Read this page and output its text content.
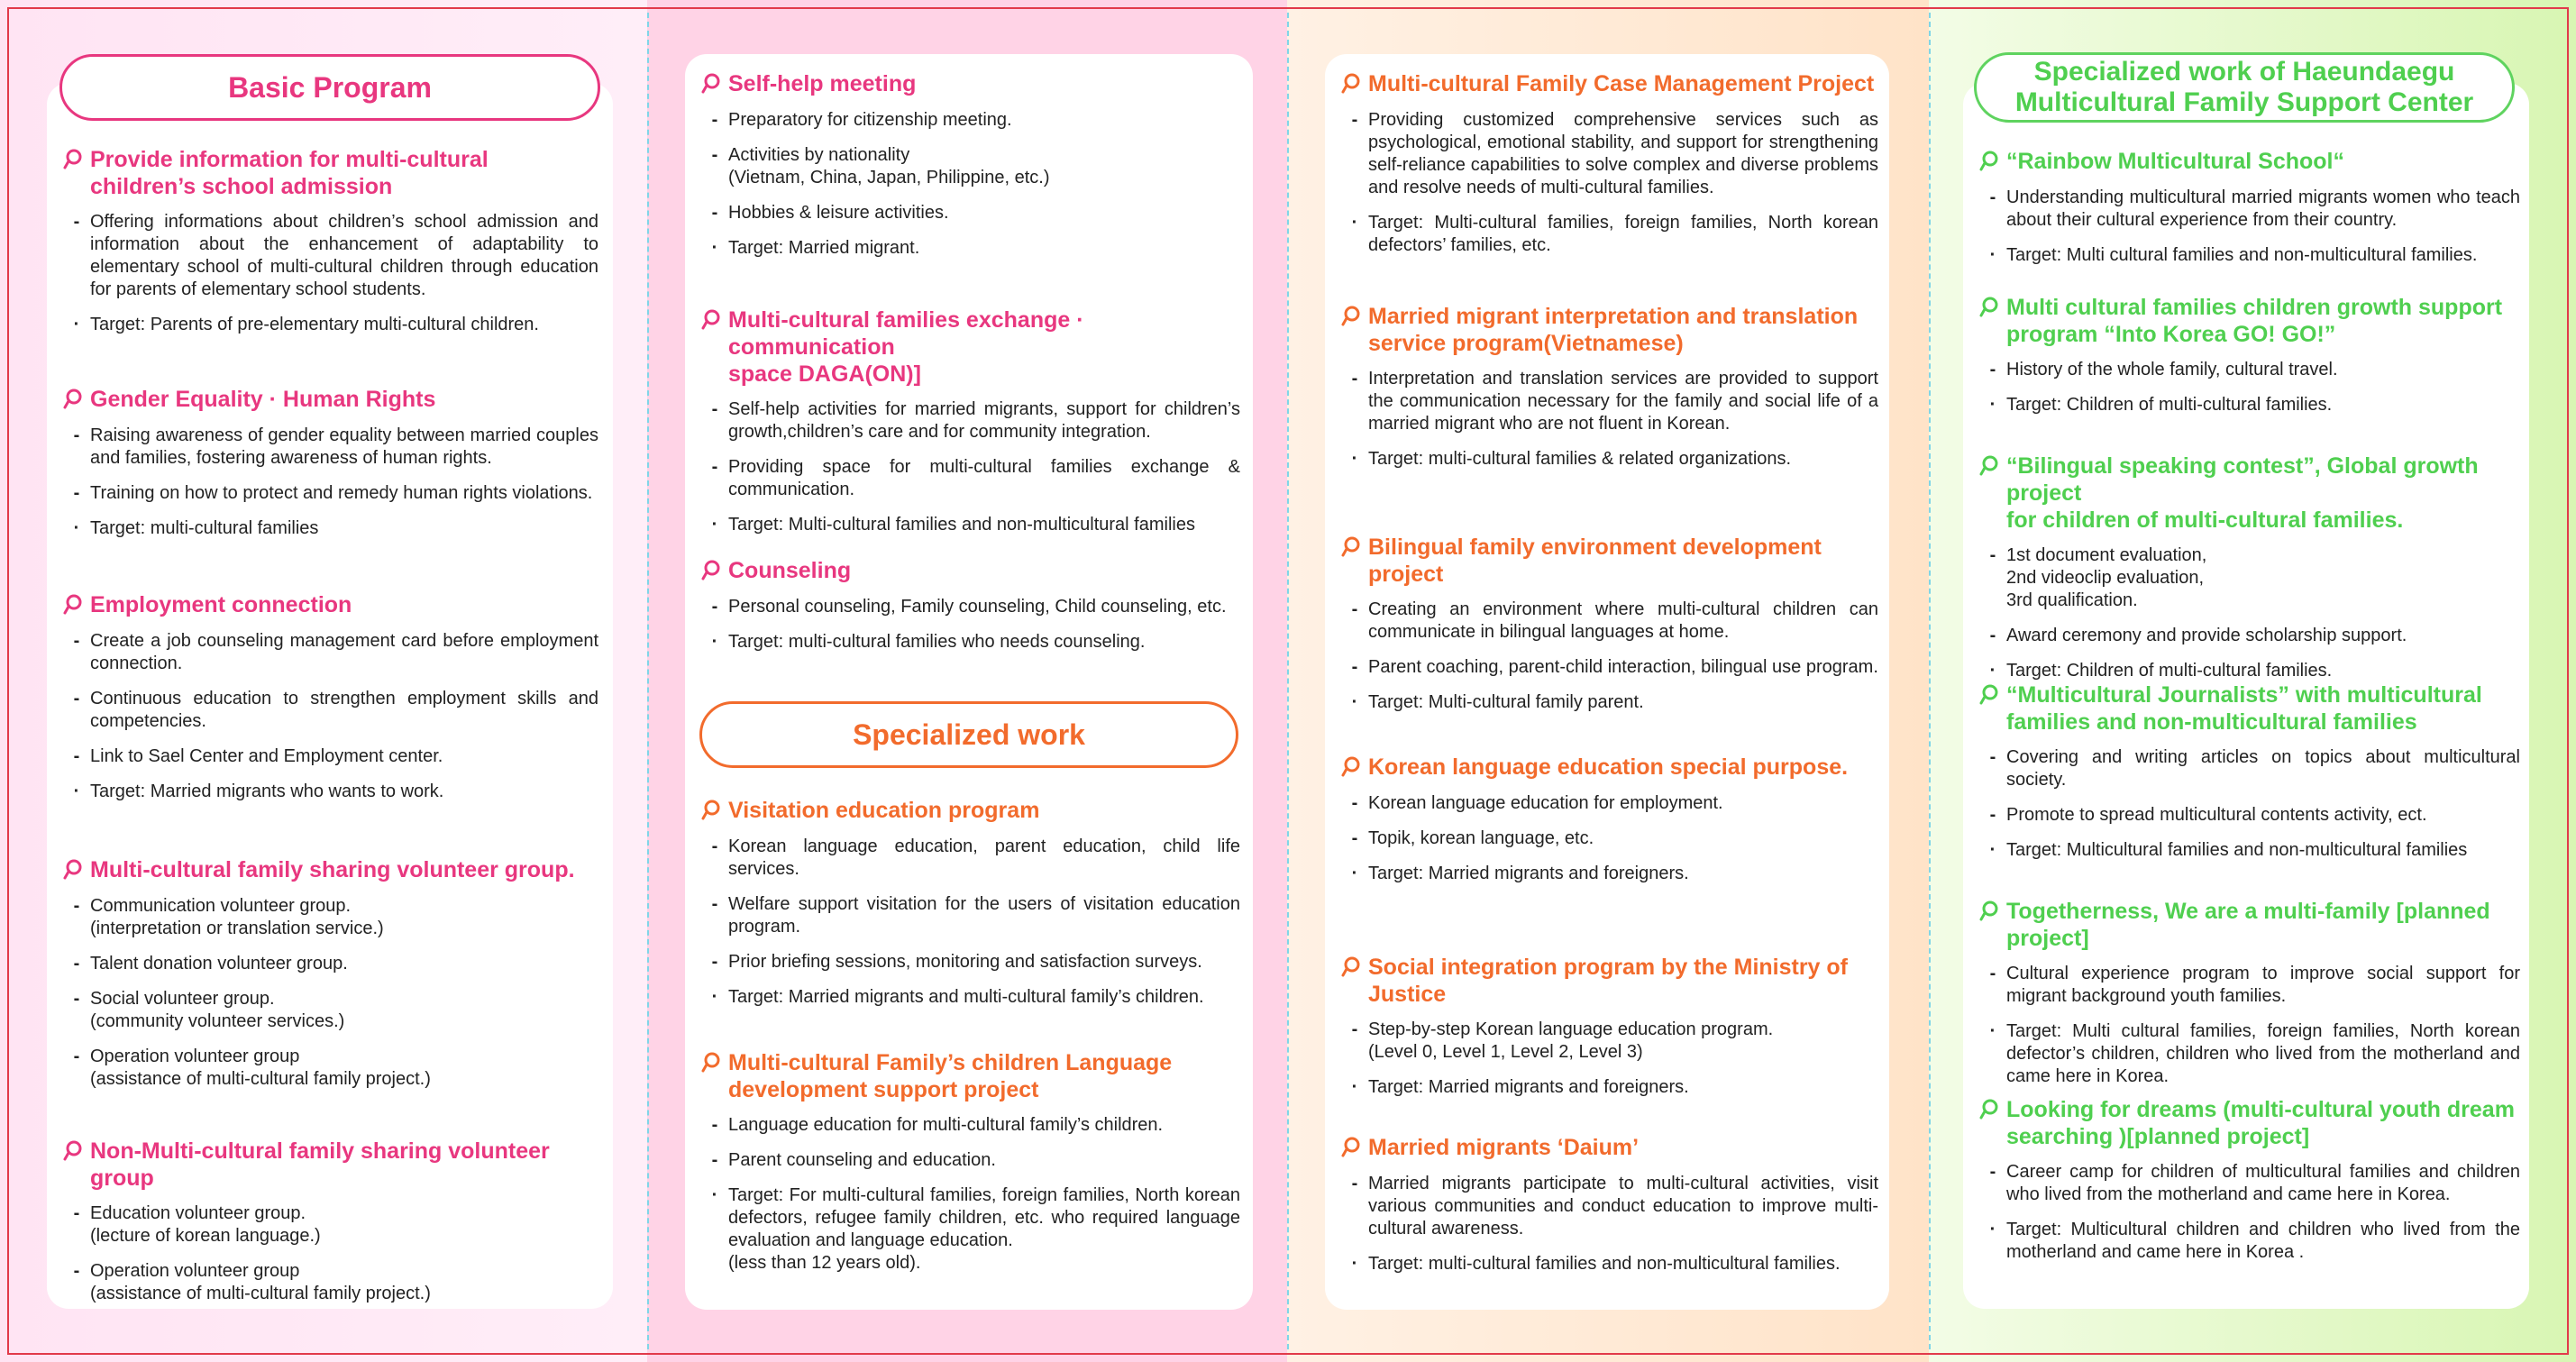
Basic Program
Specialized work
Specialized work of Haeundaegu
Multicultural Family Support Center
Provide information for multi-cultural
children’s school admission
- Offering informations about children’s school admission and information about the enhancement of adaptability to elementary school of multi-cultural children through education for parents of elementary school students.
· Target: Parents of pre-elementary multi-cultural children.
Gender Equality · Human Rights
- Raising awareness of gender equality between married couples and families, fostering awareness of human rights.
- Training on how to protect and remedy human rights violations.
· Target: multi-cultural families
Employment connection
- Create a job counseling management card before employment connection.
- Continuous education to strengthen employment skills and competencies.
- Link to Sael Center and Employment center.
· Target: Married migrants who wants to work.
Multi-cultural family sharing volunteer group.
- Communication volunteer group.
(interpretation or translation service.)
- Talent donation volunteer group.
- Social volunteer group.
(community volunteer services.)
- Operation volunteer group
(assistance of multi-cultural family project.)
Non-Multi-cultural family sharing volunteer group
- Education volunteer group.
(lecture of korean language.)
- Operation volunteer group
(assistance of multi-cultural family project.)
Self-help meeting
- Preparatory for citizenship meeting.
- Activities by nationality
(Vietnam, China, Japan, Philippine, etc.)
- Hobbies & leisure activities.
· Target: Married migrant.
Multi-cultural families exchange · communication
space DAGA(ON)]
- Self-help activities for married migrants, support for children’s growth,children’s care and for community integration.
- Providing space for multi-cultural families exchange & communication.
· Target: Multi-cultural families and non-multicultural families
Counseling
- Personal counseling, Family counseling, Child counseling, etc.
· Target: multi-cultural families who needs counseling.
Visitation education program
- Korean language education, parent education, child life services.
- Welfare support visitation for the users of visitation education program.
- Prior briefing sessions, monitoring and satisfaction surveys.
· Target: Married migrants and multi-cultural family’s children.
Multi-cultural Family’s children Language
development support project
- Language education for multi-cultural family’s children.
- Parent counseling and education.
· Target: For multi-cultural families, foreign families, North korean defectors, refugee family children, etc. who required language evaluation and language education.
(less than 12 years old).
Multi-cultural Family Case Management Project
- Providing customized comprehensive services such as psychological, emotional stability, and support for strengthening self-reliance capabilities to solve complex and diverse problems and resolve needs of multi-cultural families.
· Target: Multi-cultural families, foreign families, North korean defectors’ families, etc.
Married migrant interpretation and translation
service program(Vietnamese)
- Interpretation and translation services are provided to support the communication necessary for the family and social life of a married migrant who are not fluent in Korean.
· Target: multi-cultural families & related organizations.
Bilingual family environment development project
- Creating an environment where multi-cultural children can communicate in bilingual languages at home.
- Parent coaching, parent-child interaction, bilingual use program.
· Target: Multi-cultural family parent.
Korean language education special purpose.
- Korean language education for employment.
- Topik, korean language, etc.
· Target: Married migrants and foreigners.
Social integration program by the Ministry of Justice
- Step-by-step Korean language education program.
(Level 0, Level 1, Level 2, Level 3)
· Target: Married migrants and foreigners.
Married migrants ‘Daium’
- Married migrants participate to multi-cultural activities, visit various communities and conduct education to improve multi-cultural awareness.
· Target: multi-cultural families and non-multicultural families.
“Rainbow Multicultural School“
- Understanding multicultural married migrants women who teach about their cultural experience from their country.
· Target: Multi cultural families and non-multicultural families.
Multi cultural families children growth support
program “Into Korea GO! GO!”
- History of the whole family, cultural travel.
· Target: Children of multi-cultural families.
“Bilingual speaking contest”, Global growth project
for children of multi-cultural families.
- 1st document evaluation,
2nd videoclip evaluation,
3rd qualification.
- Award ceremony and provide scholarship support.
· Target: Children of multi-cultural families.
“Multicultural Journalists” with multicultural
families and non-multicultural families
- Covering and writing articles on topics about multicultural society.
- Promote to spread multicultural contents activity, ect.
· Target: Multicultural families and non-multicultural families
Togetherness, We are a multi-family [planned project]
- Cultural experience program to improve social support for migrant background youth families.
· Target: Multi cultural families, foreign families, North korean defector’s children, children who lived from the motherland and came here in Korea.
Looking for dreams (multi-cultural youth dream
searching )[planned project]
- Career camp for children of multicultural families and children who lived from the motherland and came here in Korea.
· Target: Multicultural children and children who lived from the motherland and came here in Korea .
